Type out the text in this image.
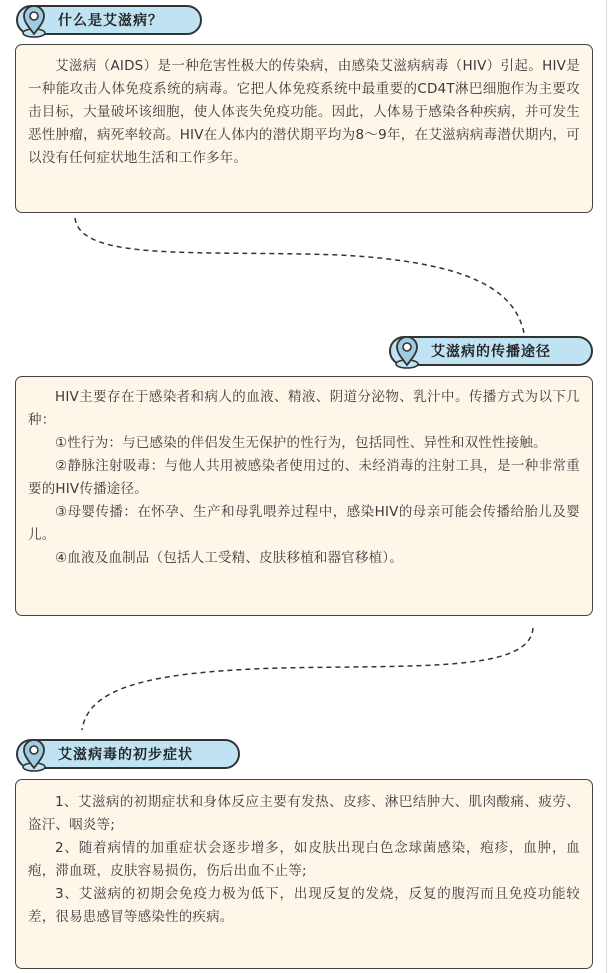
什么是艾滋病？

艾滋病（AIDS）是一种危害性极大的传染病，由感染艾滋病病毒（HIV）引起。HIV是一种能攻击人体免疫系统的病毒。它把人体免疫系统中最重要的CD4T淋巴细胞作为主要攻击目标，大量破坏该细胞，使人体丧失免疫功能。因此，人体易于感染各种疾病，并可发生恶性肿瘤，病死率较高。HIV在人体内的潜伏期平均为8～9年，在艾滋病病毒潜伏期内，可以没有任何症状地生活和工作多年。

艾滋病的传播途径

HIV主要存在于感染者和病人的血液、精液、阴道分泌物、乳汁中。传播方式为以下几种：

①性行为：与已感染的伴侣发生无保护的性行为，包括同性、异性和双性性接触。

②静脉注射吸毒：与他人共用被感染者使用过的、未经消毒的注射工具，是一种非常重要的HIV传播途径。

③母婴传播：在怀孕、生产和母乳喂养过程中，感染HIV的母亲可能会传播给胎儿及婴儿。

④血液及血制品（包括人工受精、皮肤移植和器官移植）。

艾滋病毒的初步症状

1、艾滋病的初期症状和身体反应主要有发热、皮疹、淋巴结肿大、肌肉酸痛、疲劳、盗汗、咽炎等;

2、随着病情的加重症状会逐步增多，如皮肤出现白色念球菌感染，疱疹，血肿，血疱，滞血斑，皮肤容易损伤，伤后出血不止等;

3、艾滋病的初期会免疫力极为低下，出现反复的发烧，反复的腹泻而且免疫功能较差，很易患感冒等感染性的疾病。
